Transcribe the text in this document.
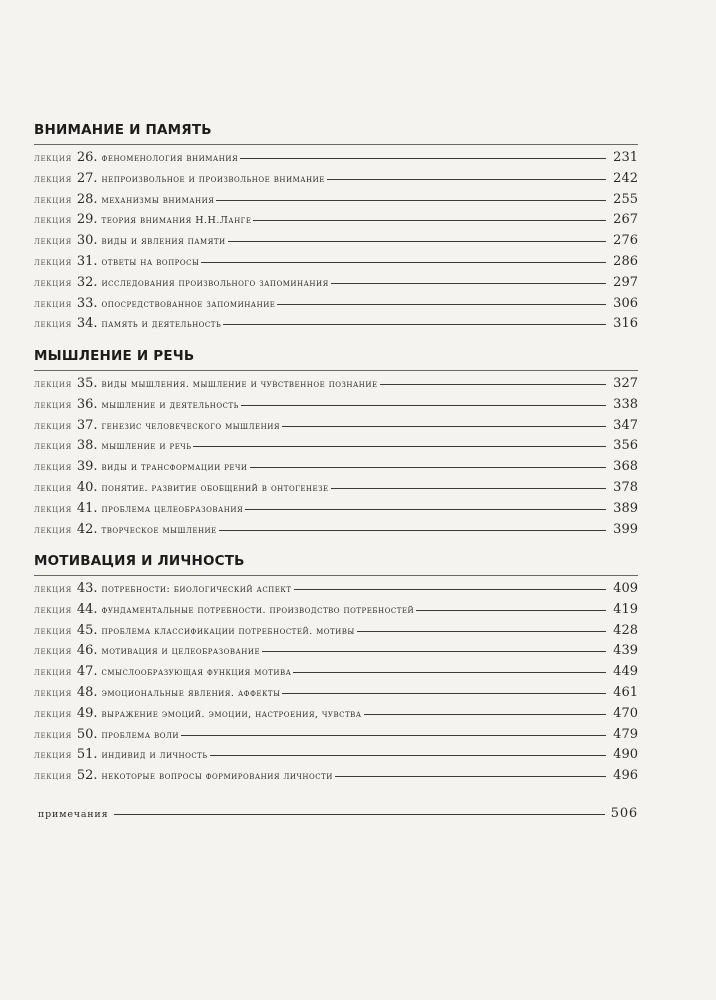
ВНИМАНИЕ И ПАМЯТЬ
лекция 26. феноменология внимания	231
лекция 27. непроизвольное и произвольное внимание	242
лекция 28. механизмы внимания	255
лекция 29. теория внимания Н.Н.Ланге	267
лекция 30. виды и явления памяти	276
лекция 31. ответы на вопросы	286
лекция 32. исследования произвольного запоминания	297
лекция 33. опосредствованное запоминание	306
лекция 34. память и деятельность	316
МЫШЛЕНИЕ И РЕЧЬ
лекция 35. виды мышления. мышление и чувственное познание	327
лекция 36. мышление и деятельность	338
лекция 37. генезис человеческого мышления	347
лекция 38. мышление и речь	356
лекция 39. виды и трансформации речи	368
лекция 40. понятие. развитие обобщений в онтогенезе	378
лекция 41. проблема целеобразования	389
лекция 42. творческое мышление	399
МОТИВАЦИЯ И ЛИЧНОСТЬ
лекция 43. потребности: биологический аспект	409
лекция 44. фундаментальные потребности. производство потребностей	419
лекция 45. проблема классификации потребностей. мотивы	428
лекция 46. мотивация и целеобразование	439
лекция 47. смыслообразующая функция мотива	449
лекция 48. эмоциональные явления. аффекты	461
лекция 49. выражение эмоций. эмоции, настроения, чувства	470
лекция 50. проблема воли	479
лекция 51. индивид и личность	490
лекция 52. некоторые вопросы формирования личности	496
примечания	506
